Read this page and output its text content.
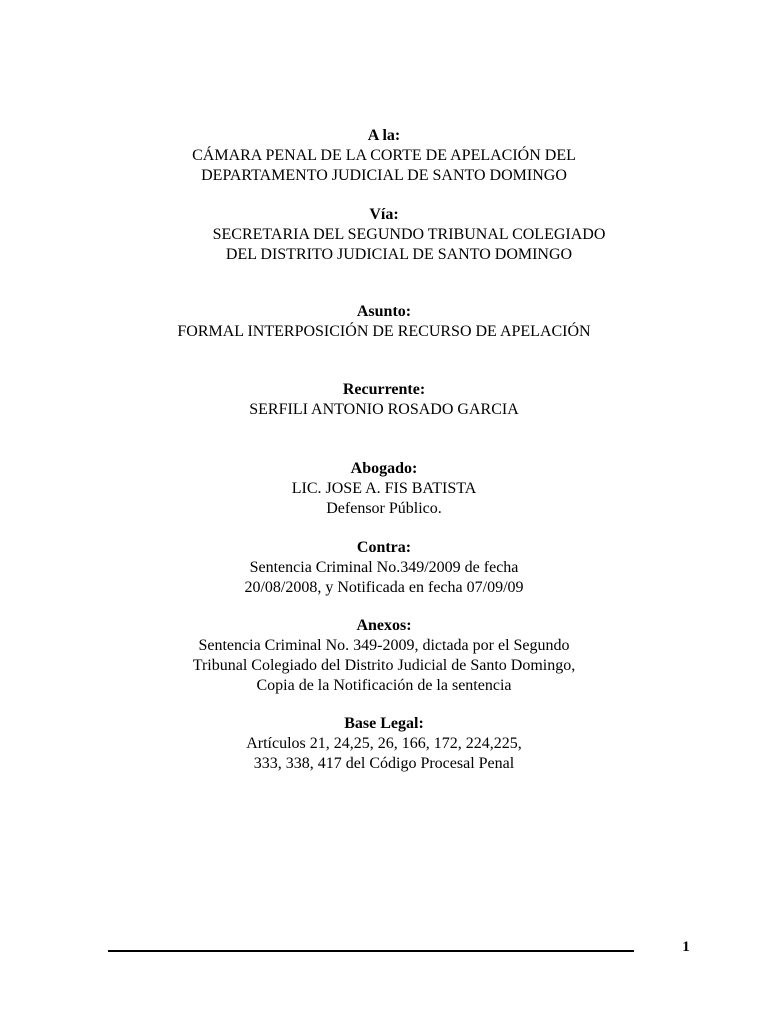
A la:
CÁMARA PENAL DE LA CORTE DE APELACIÓN DEL
DEPARTAMENTO JUDICIAL DE SANTO DOMINGO
Vía:
SECRETARIA DEL SEGUNDO TRIBUNAL COLEGIADO
DEL DISTRITO JUDICIAL DE SANTO DOMINGO
Asunto:
FORMAL INTERPOSICIÓN DE RECURSO DE APELACIÓN
Recurrente:
SERFILI ANTONIO ROSADO GARCIA
Abogado:
LIC. JOSE A. FIS BATISTA
Defensor Público.
Contra:
Sentencia Criminal No.349/2009 de fecha
20/08/2008, y Notificada en fecha 07/09/09
Anexos:
Sentencia Criminal No. 349-2009, dictada por el Segundo
Tribunal Colegiado del Distrito Judicial de Santo Domingo,
Copia de la Notificación de la sentencia
Base Legal:
Artículos 21, 24,25, 26, 166, 172, 224,225,
333, 338, 417 del Código Procesal Penal
1
